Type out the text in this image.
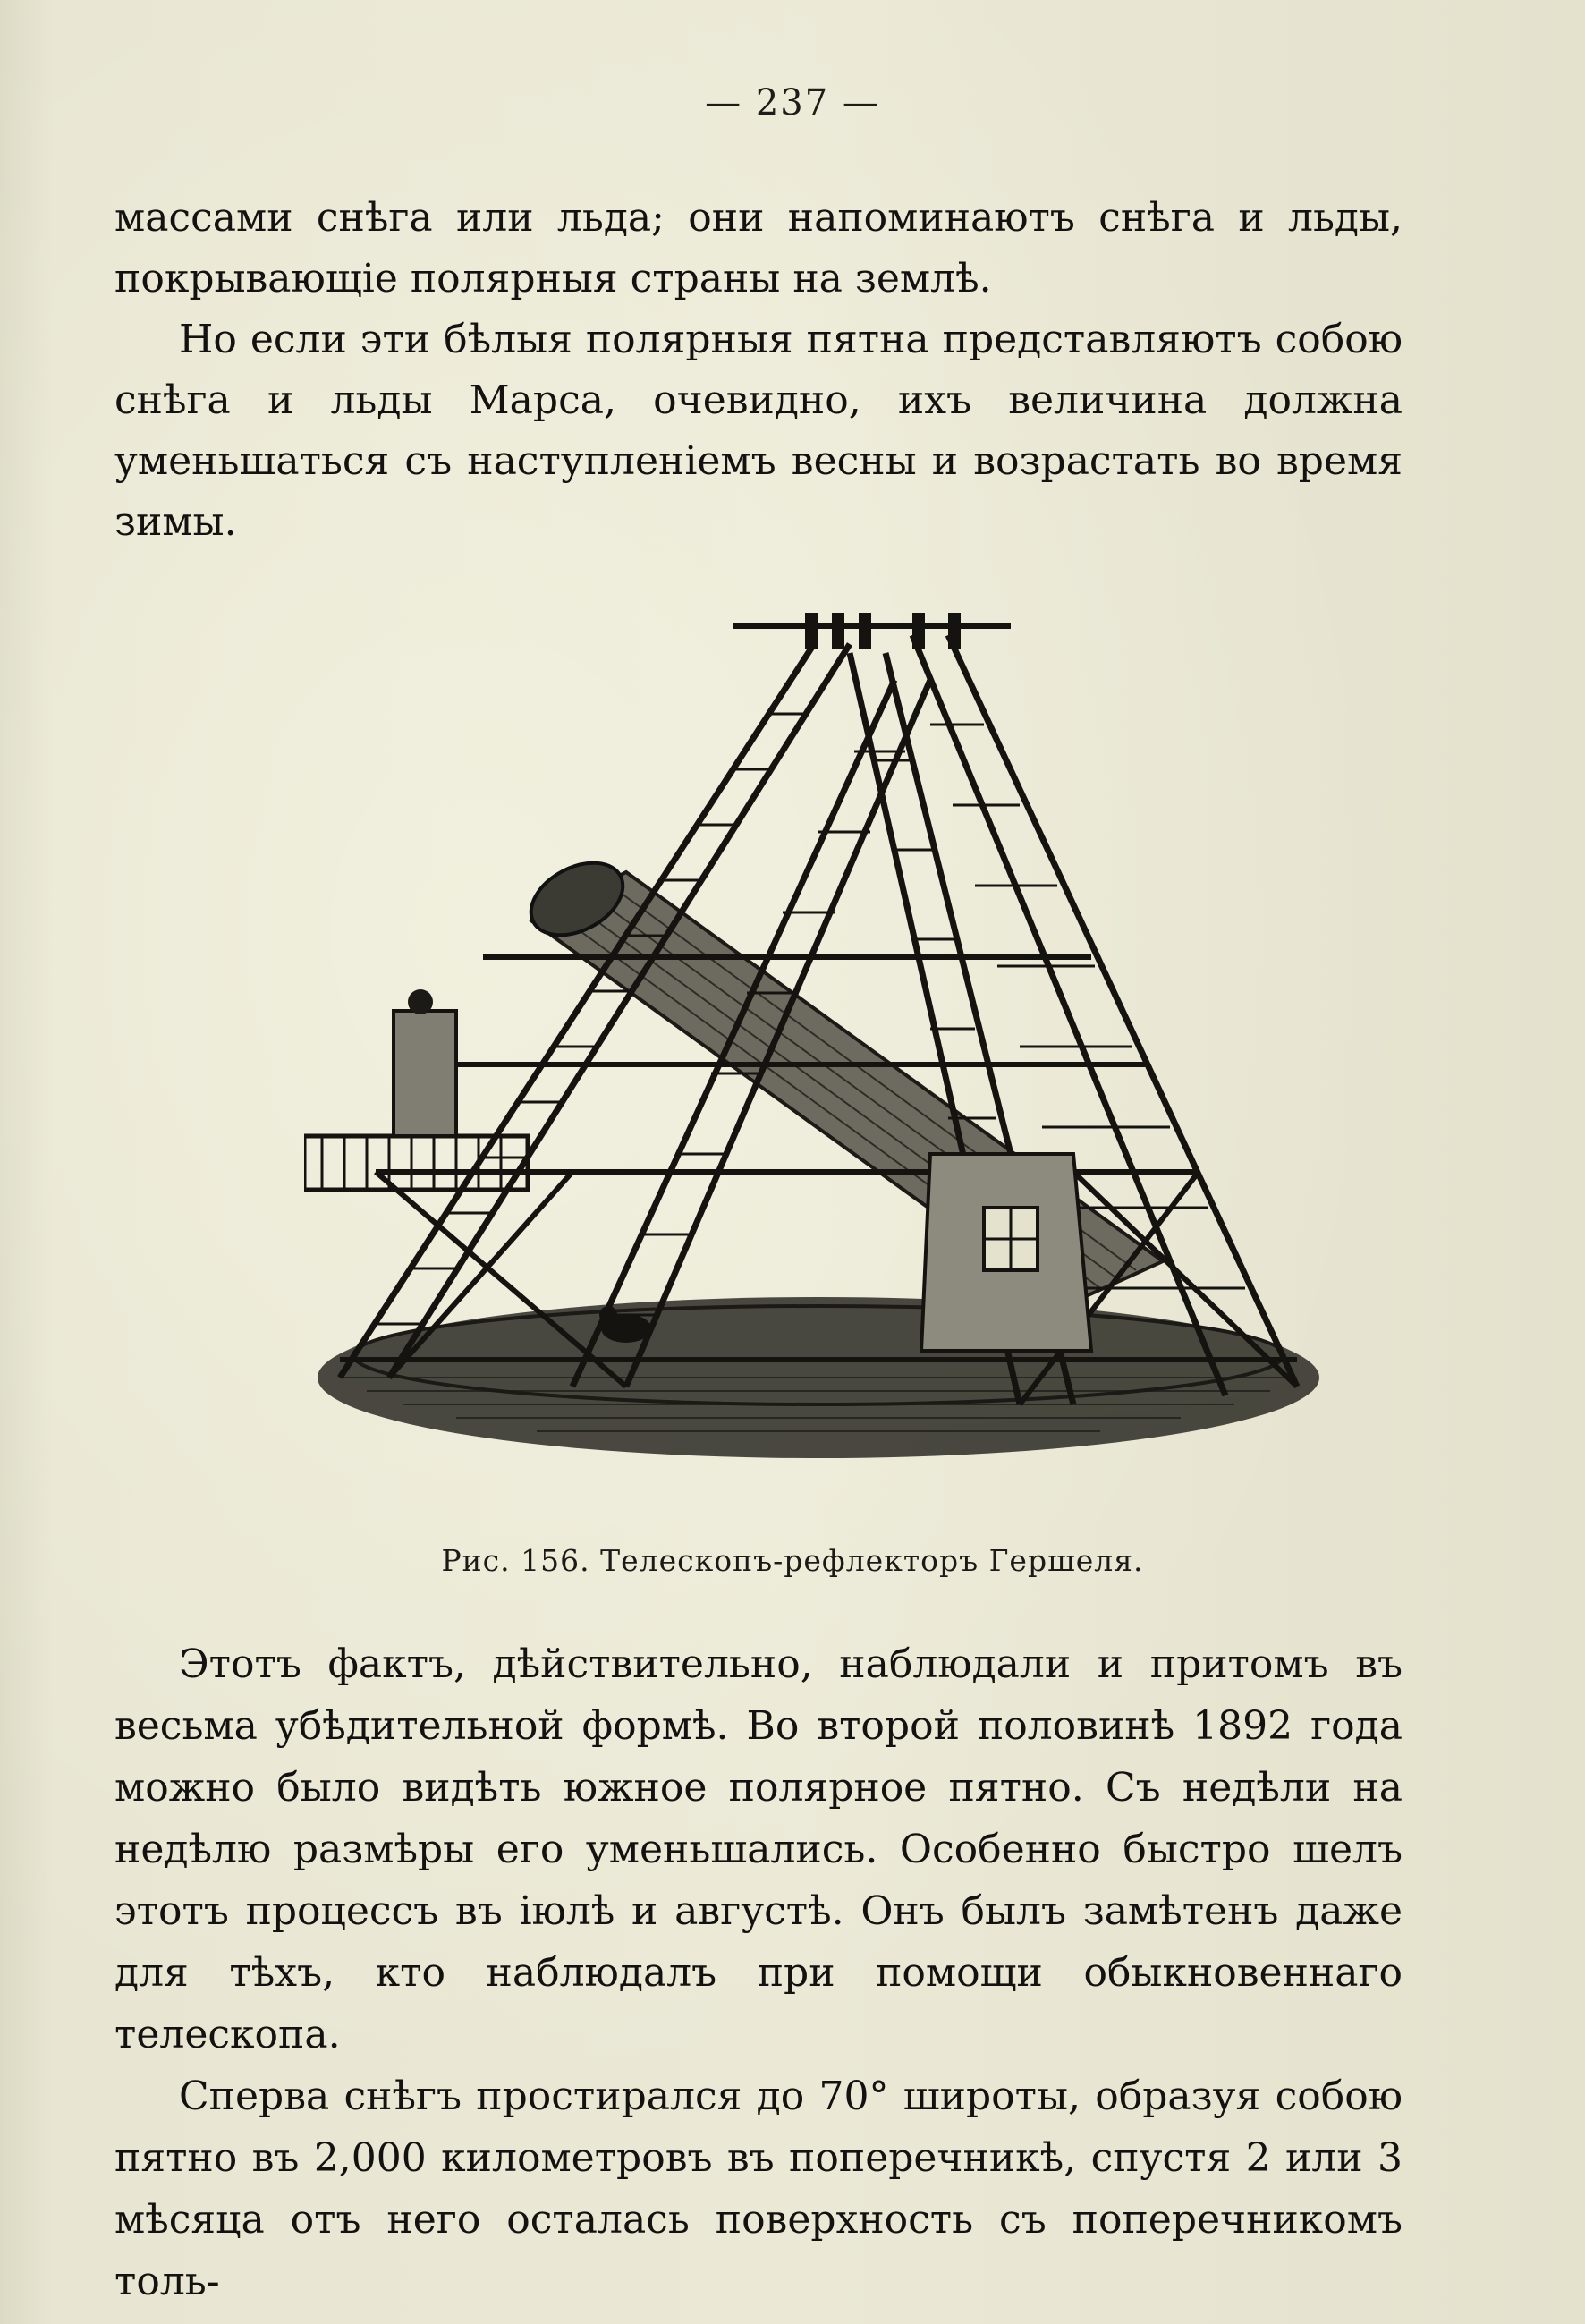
— 237 —

массами снѣга или льда; они напоминаютъ снѣга и льды, покрывающіе полярныя страны на землѣ.

Но если эти бѣлыя полярныя пятна представляютъ собою снѣга и льды Марса, очевидно, ихъ величина должна уменьшаться съ наступленіемъ весны и возрастать во время зимы.

Рис. 156. Телескопъ-рефлекторъ Гершеля.

Этотъ фактъ, дѣйствительно, наблюдали и притомъ въ весьма убѣдительной формѣ. Во второй половинѣ 1892 года можно было видѣть южное полярное пятно. Съ недѣли на недѣлю размѣры его уменьшались. Особенно быстро шелъ этотъ процессъ въ іюлѣ и августѣ. Онъ былъ замѣтенъ даже для тѣхъ, кто наблюдалъ при помощи обыкновеннаго телескопа.

Сперва снѣгъ простирался до 70° широты, образуя собою пятно въ 2,000 километровъ въ поперечникѣ, спустя 2 или 3 мѣсяца отъ него осталась поверхность съ поперечникомъ толь-
